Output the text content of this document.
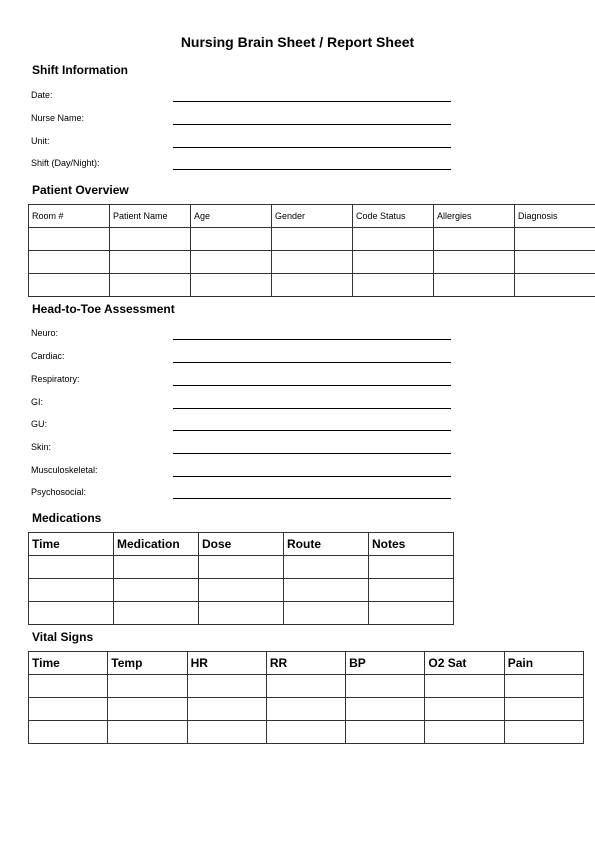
Nursing Brain Sheet / Report Sheet
Shift Information
Date:
Nurse Name:
Unit:
Shift (Day/Night):
Patient Overview
Room #	Patient Name	Age	Gender	Code Status	Allergies	Diagnosis

Head-to-Toe Assessment
Neuro:
Cardiac:
Respiratory:
GI:
GU:
Skin:
Musculoskeletal:
Psychosocial:
Medications
Time	Medication	Dose	Route	Notes

Vital Signs
Time	Temp	HR	RR	BP	O2 Sat	Pain
